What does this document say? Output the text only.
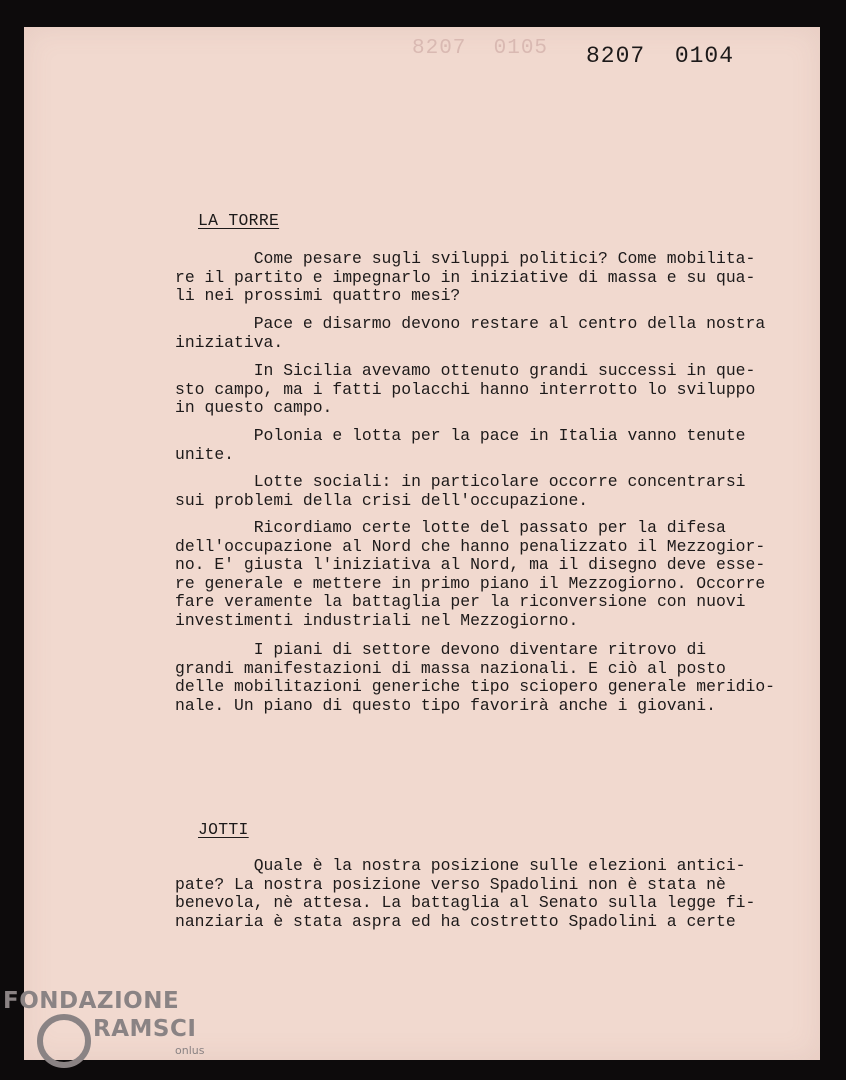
8207  0105 8207  0104
LA TORRE

Come pesare sugli sviluppi politici? Come mobilita-
re il partito e impegnarlo in iniziative di massa e su qua-
li nei prossimi quattro mesi?

Pace e disarmo devono restare al centro della nostra
iniziativa.

In Sicilia avevamo ottenuto grandi successi in que-
sto campo, ma i fatti polacchi hanno interrotto lo sviluppo
in questo campo.

Polonia e lotta per la pace in Italia vanno tenute
unite.

Lotte sociali: in particolare occorre concentrarsi
sui problemi della crisi dell'occupazione.

Ricordiamo certe lotte del passato per la difesa
dell'occupazione al Nord che hanno penalizzato il Mezzogior-
no. E' giusta l'iniziativa al Nord, ma il disegno deve esse-
re generale e mettere in primo piano il Mezzogiorno. Occorre
fare veramente la battaglia per la riconversione con nuovi
investimenti industriali nel Mezzogiorno.

I piani di settore devono diventare ritrovo di
grandi manifestazioni di massa nazionali. E ciò al posto
delle mobilitazioni generiche tipo sciopero generale meridio-
nale. Un piano di questo tipo favorirà anche i giovani.

JOTTI

Quale è la nostra posizione sulle elezioni antici-
pate? La nostra posizione verso Spadolini non è stata nè
benevola, nè attesa. La battaglia al Senato sulla legge fi-
nanziaria è stata aspra ed ha costretto Spadolini a certe

FONDAZIONE
RAMSCI
onlus
